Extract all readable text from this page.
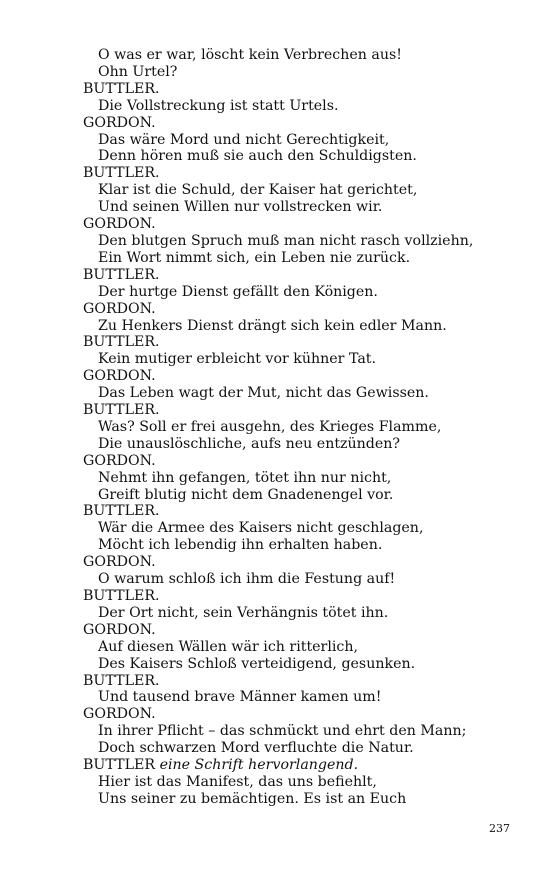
O was er war, löscht kein Verbrechen aus!
Ohn Urtel?
BUTTLER.
Die Vollstreckung ist statt Urtels.
GORDON.
Das wäre Mord und nicht Gerechtigkeit,
Denn hören muß sie auch den Schuldigsten.
BUTTLER.
Klar ist die Schuld, der Kaiser hat gerichtet,
Und seinen Willen nur vollstrecken wir.
GORDON.
Den blutgen Spruch muß man nicht rasch vollziehn,
Ein Wort nimmt sich, ein Leben nie zurück.
BUTTLER.
Der hurtge Dienst gefällt den Königen.
GORDON.
Zu Henkers Dienst drängt sich kein edler Mann.
BUTTLER.
Kein mutiger erbleicht vor kühner Tat.
GORDON.
Das Leben wagt der Mut, nicht das Gewissen.
BUTTLER.
Was? Soll er frei ausgehn, des Krieges Flamme,
Die unauslöschliche, aufs neu entzünden?
GORDON.
Nehmt ihn gefangen, tötet ihn nur nicht,
Greift blutig nicht dem Gnadenengel vor.
BUTTLER.
Wär die Armee des Kaisers nicht geschlagen,
Möcht ich lebendig ihn erhalten haben.
GORDON.
O warum schloß ich ihm die Festung auf!
BUTTLER.
Der Ort nicht, sein Verhängnis tötet ihn.
GORDON.
Auf diesen Wällen wär ich ritterlich,
Des Kaisers Schloß verteidigend, gesunken.
BUTTLER.
Und tausend brave Männer kamen um!
GORDON.
In ihrer Pflicht – das schmückt und ehrt den Mann;
Doch schwarzen Mord verfluchte die Natur.
BUTTLER eine Schrift hervorlangend.
Hier ist das Manifest, das uns befiehlt,
Uns seiner zu bemächtigen. Es ist an Euch
237
